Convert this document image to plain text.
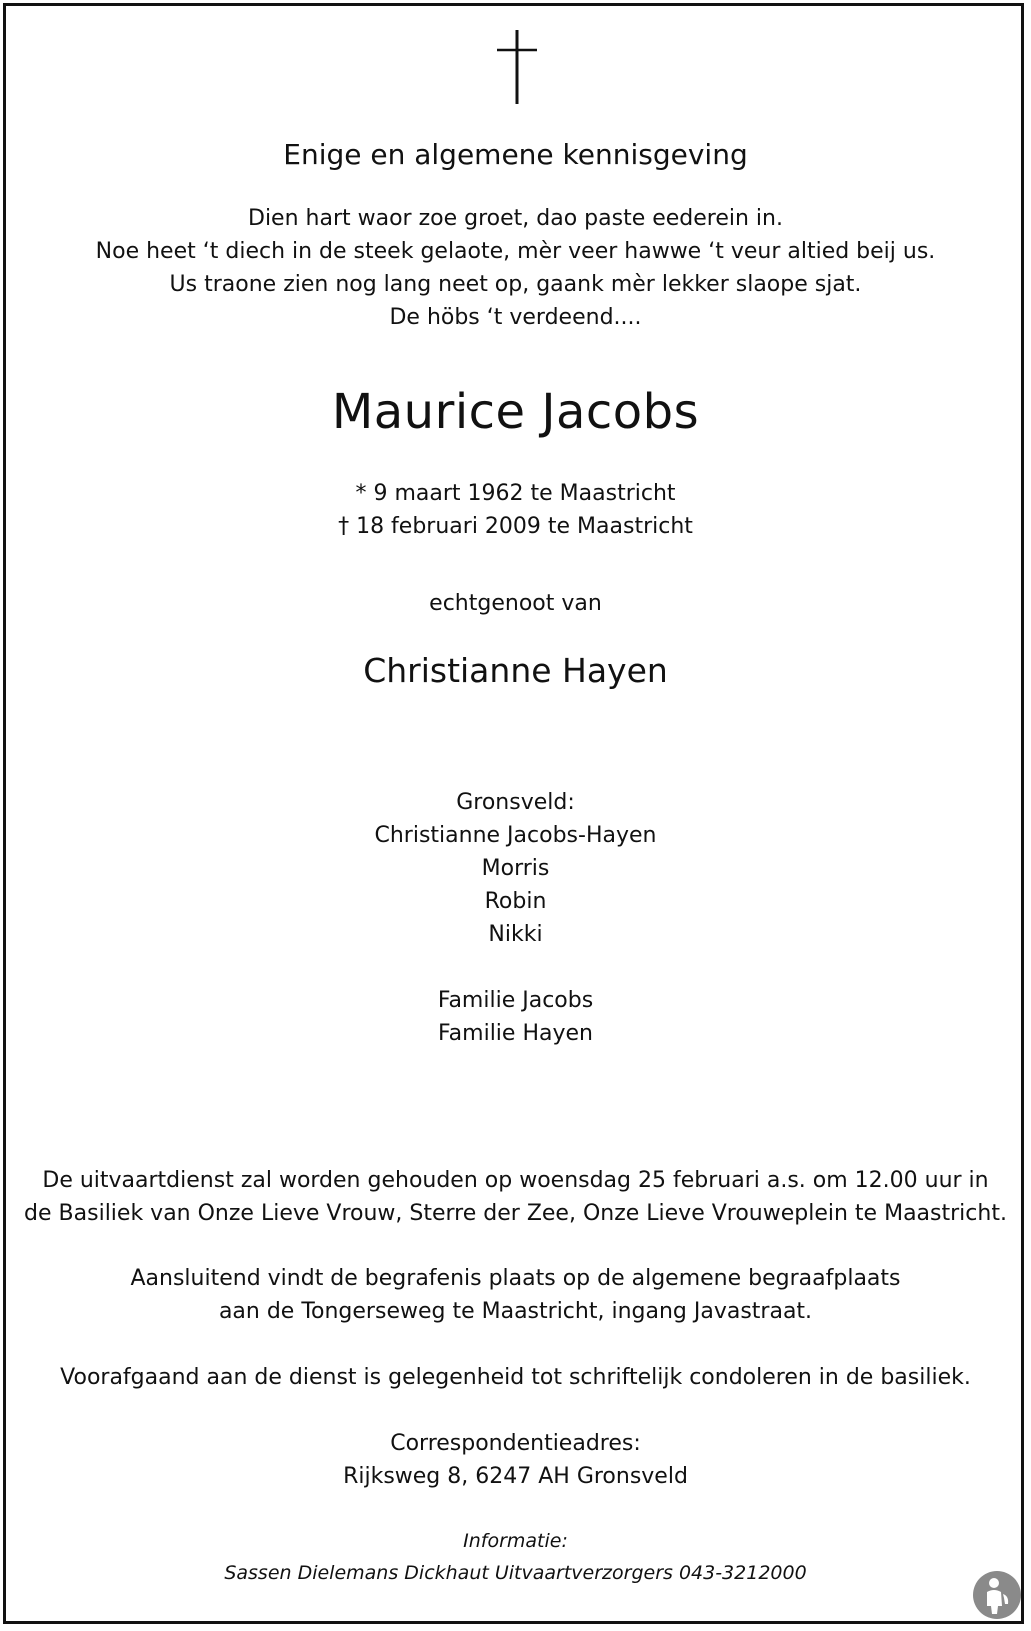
Enige en algemene kennisgeving
Dien hart waor zoe groet, dao paste eederein in.
Noe heet ‘t diech in de steek gelaote, mèr veer hawwe ‘t veur altied beij us.
Us traone zien nog lang neet op, gaank mèr lekker slaope sjat.
De höbs ‘t verdeend....
Maurice Jacobs
* 9 maart 1962 te Maastricht
† 18 februari 2009 te Maastricht
echtgenoot van
Christianne Hayen
Gronsveld:
Christianne Jacobs-Hayen
Morris
Robin
Nikki
Familie Jacobs
Familie Hayen
De uitvaartdienst zal worden gehouden op woensdag 25 februari a.s. om 12.00 uur in
de Basiliek van Onze Lieve Vrouw, Sterre der Zee, Onze Lieve Vrouweplein te Maastricht.
Aansluitend vindt de begrafenis plaats op de algemene begraafplaats
aan de Tongerseweg te Maastricht, ingang Javastraat.
Voorafgaand aan de dienst is gelegenheid tot schriftelijk condoleren in de basiliek.
Correspondentieadres:
Rijksweg 8, 6247 AH Gronsveld
Informatie:
Sassen Dielemans Dickhaut Uitvaartverzorgers 043-3212000
